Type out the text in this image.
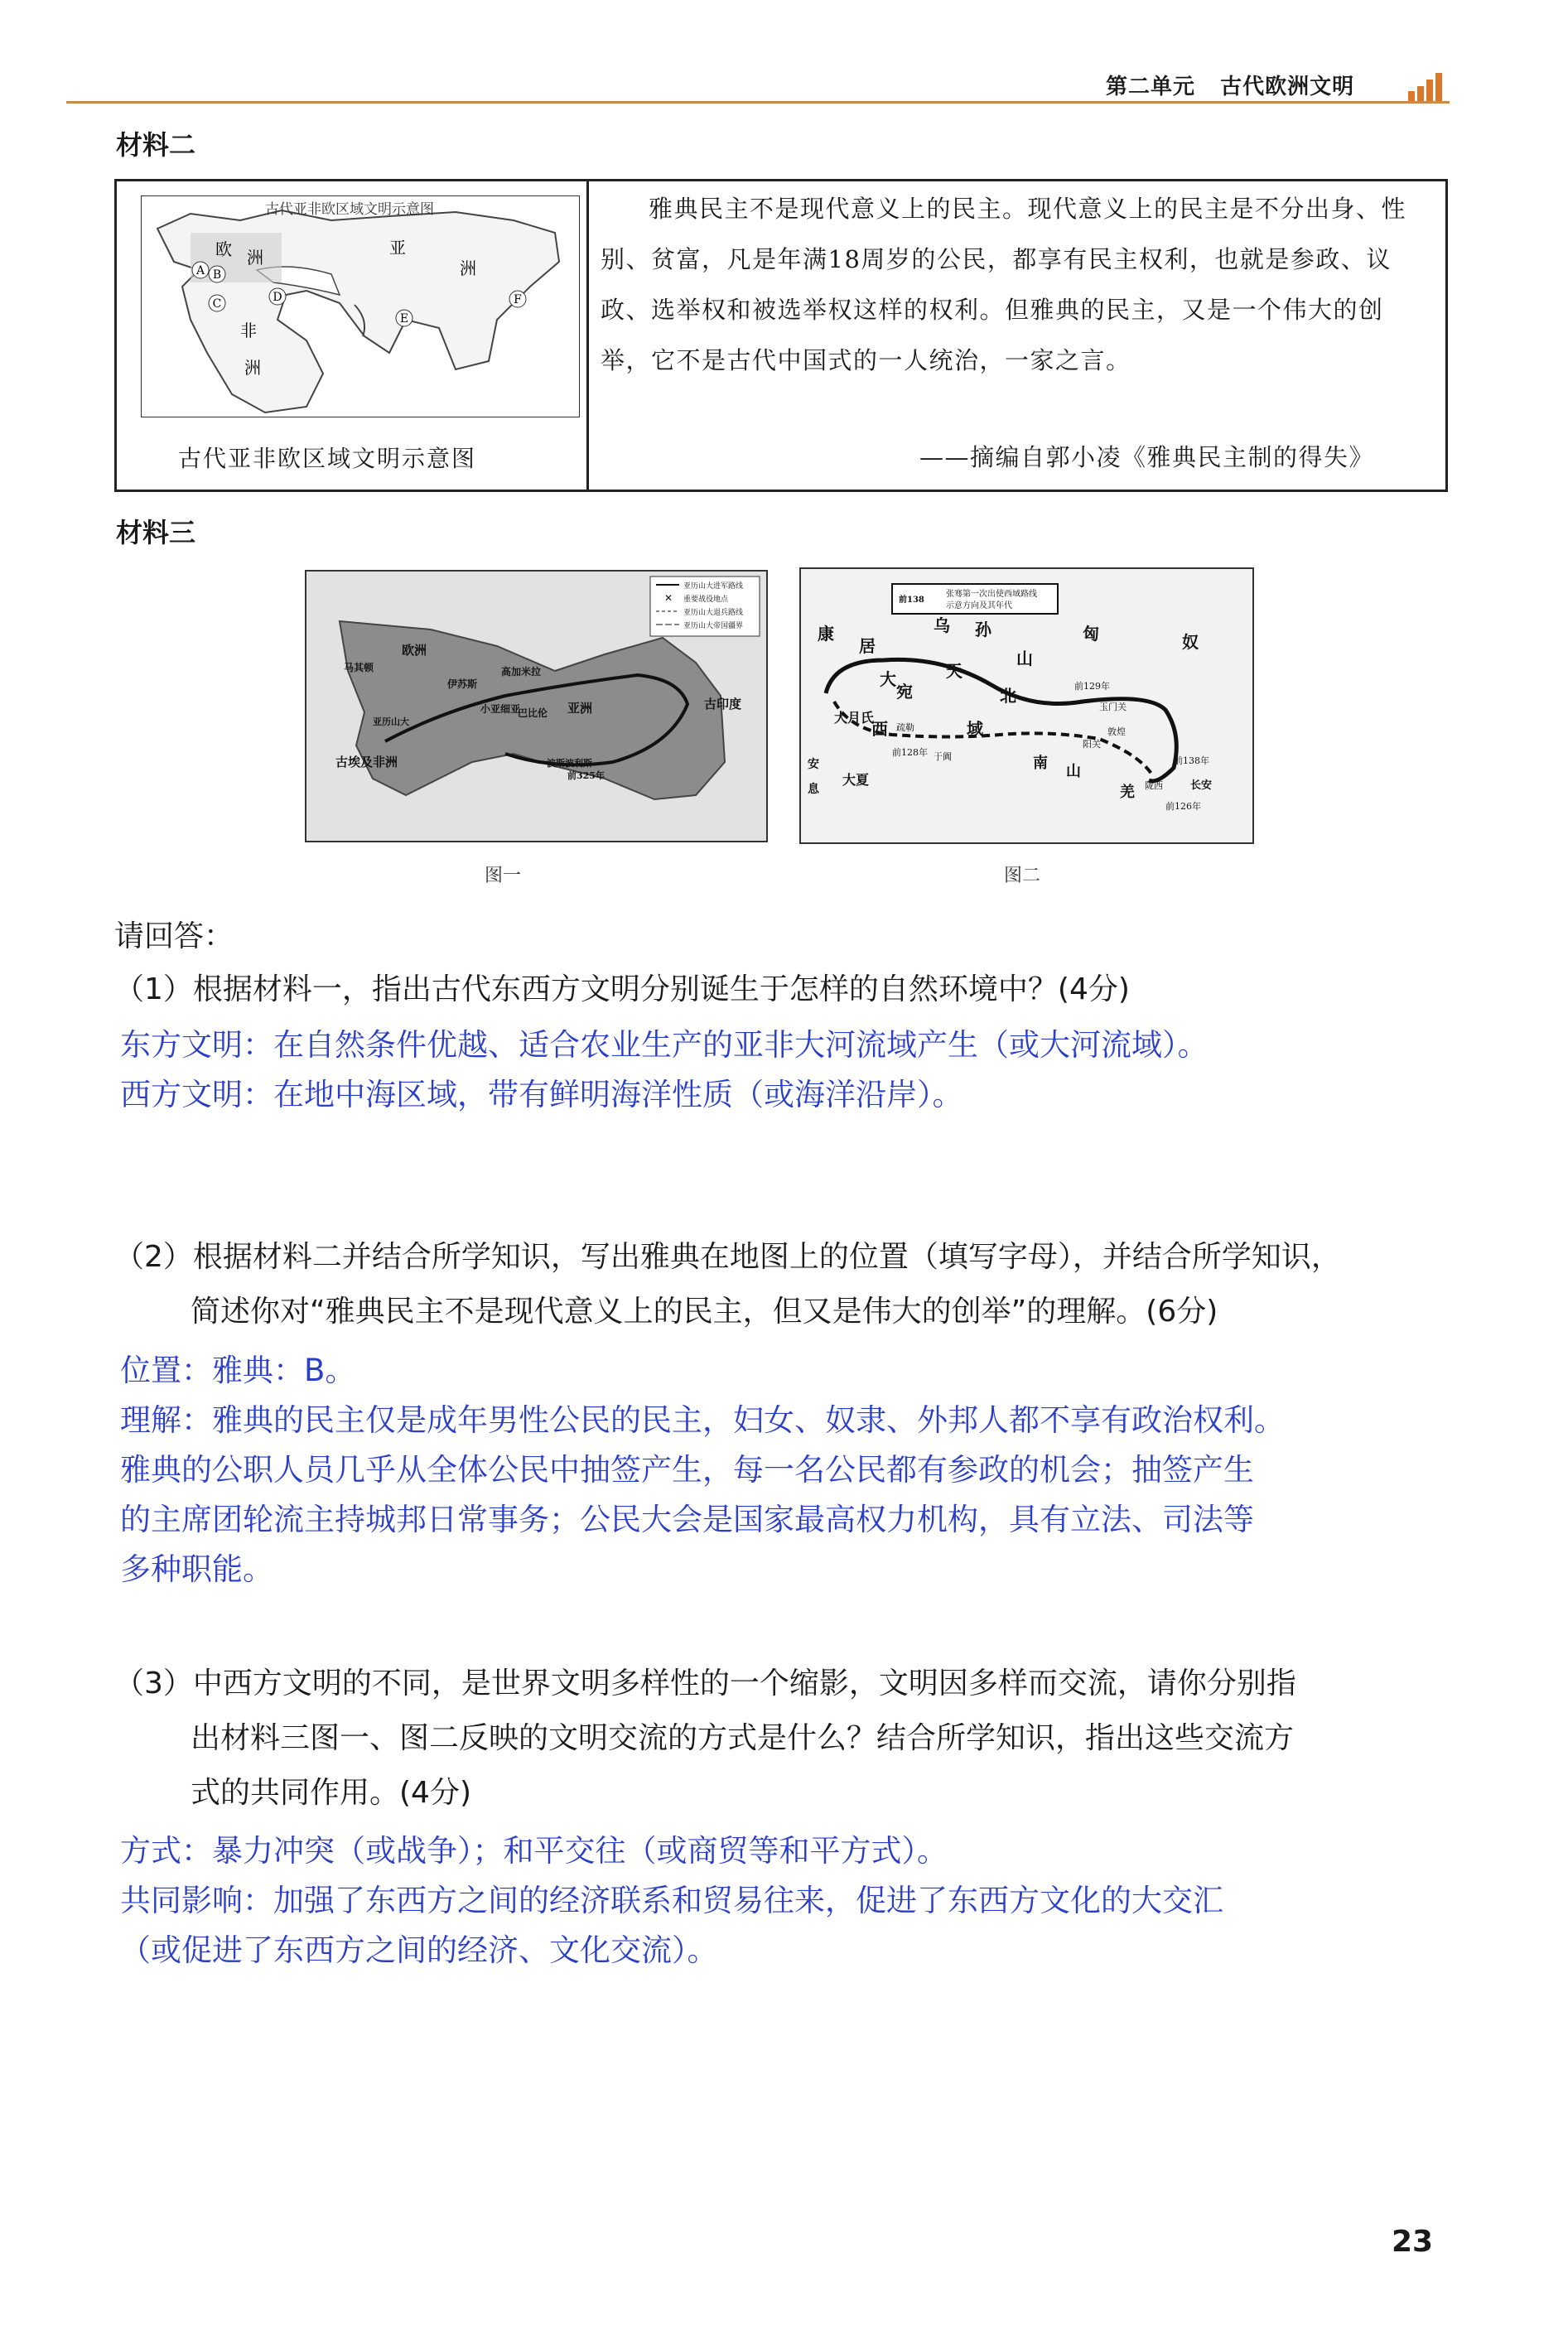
第二单元 古代欧洲文明
材料二
古代亚非欧区域文明示意图
欧 洲	亚
洲
非
洲
A B
C	D
E
F
古代亚非欧区域文明示意图
雅典民主不是现代意义上的民主。现代意义上的民主是不分出身、性别、贫富，凡是年满18周岁的公民，都享有民主权利，也就是参政、议政、选举权和被选举权这样的权利。但雅典的民主，又是一个伟大的创举，它不是古代中国式的一人统治，一家之言。
——摘编自郭小凌《雅典民主制的得失》
材料三
亚历山大进军路线
重要战役地点
亚历山大退兵路线
亚历山大帝国疆界
✕
马其顿
欧洲
伊苏斯
高加米拉
小亚细亚
巴比伦 亚洲	古印度
亚历山大
古埃及 非洲	波斯波利斯
前325年
图一
前138
张骞第一次出使西域路线
示意方向及其年代
康
居
大
宛
大月氏
乌 孙
天
山
北
匈	奴
西	域
安
息
大夏
疏勒
于阗
前129年
前128年
玉门关
阳关
敦煌
羌
前138年
陇西	长安
前126年
南 山
图二
请回答：
（1）根据材料一，指出古代东西方文明分别诞生于怎样的自然环境中？(4分)
东方文明：在自然条件优越、适合农业生产的亚非大河流域产生（或大河流域）。
西方文明：在地中海区域，带有鲜明海洋性质（或海洋沿岸）。
（2）根据材料二并结合所学知识，写出雅典在地图上的位置（填写字母），并结合所学知识，
简述你对“雅典民主不是现代意义上的民主，但又是伟大的创举”的理解。(6分)
位置：雅典：B。
理解：雅典的民主仅是成年男性公民的民主，妇女、奴隶、外邦人都不享有政治权利。
雅典的公职人员几乎从全体公民中抽签产生，每一名公民都有参政的机会；抽签产生
的主席团轮流主持城邦日常事务；公民大会是国家最高权力机构，具有立法、司法等
多种职能。
（3）中西方文明的不同，是世界文明多样性的一个缩影，文明因多样而交流，请你分别指
出材料三图一、图二反映的文明交流的方式是什么？结合所学知识，指出这些交流方
式的共同作用。(4分)
方式：暴力冲突（或战争）；和平交往（或商贸等和平方式）。
共同影响：加强了东西方之间的经济联系和贸易往来，促进了东西方文化的大交汇
（或促进了东西方之间的经济、文化交流）。
23
